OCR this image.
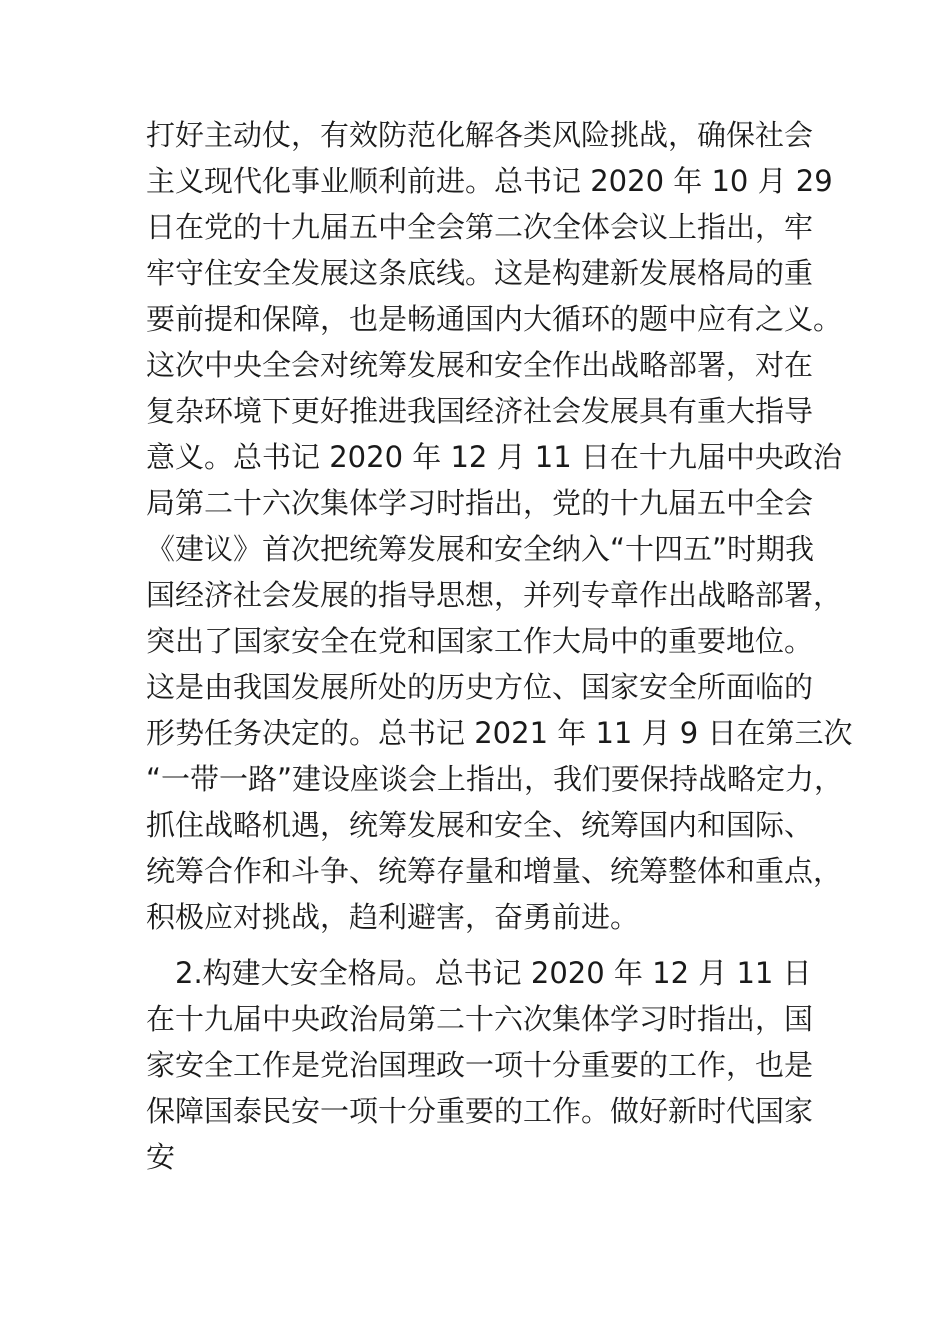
打好主动仗，有效防范化解各类风险挑战，确保社会
主义现代化事业顺利前进。总书记 2020 年 10 月 29
日在党的十九届五中全会第二次全体会议上指出，牢
牢守住安全发展这条底线。这是构建新发展格局的重
要前提和保障，也是畅通国内大循环的题中应有之义。
这次中央全会对统筹发展和安全作出战略部署，对在
复杂环境下更好推进我国经济社会发展具有重大指导
意义。总书记 2020 年 12 月 11 日在十九届中央政治
局第二十六次集体学习时指出，党的十九届五中全会
《建议》首次把统筹发展和安全纳入“十四五”时期我
国经济社会发展的指导思想，并列专章作出战略部署，
突出了国家安全在党和国家工作大局中的重要地位。
这是由我国发展所处的历史方位、国家安全所面临的
形势任务决定的。总书记 2021 年 11 月 9 日在第三次
“一带一路”建设座谈会上指出，我们要保持战略定力，
抓住战略机遇，统筹发展和安全、统筹国内和国际、
统筹合作和斗争、统筹存量和增量、统筹整体和重点，
积极应对挑战，趋利避害，奋勇前进。
2.构建大安全格局。总书记 2020 年 12 月 11 日
在十九届中央政治局第二十六次集体学习时指出，国
家安全工作是党治国理政一项十分重要的工作，也是
保障国泰民安一项十分重要的工作。做好新时代国家
安
